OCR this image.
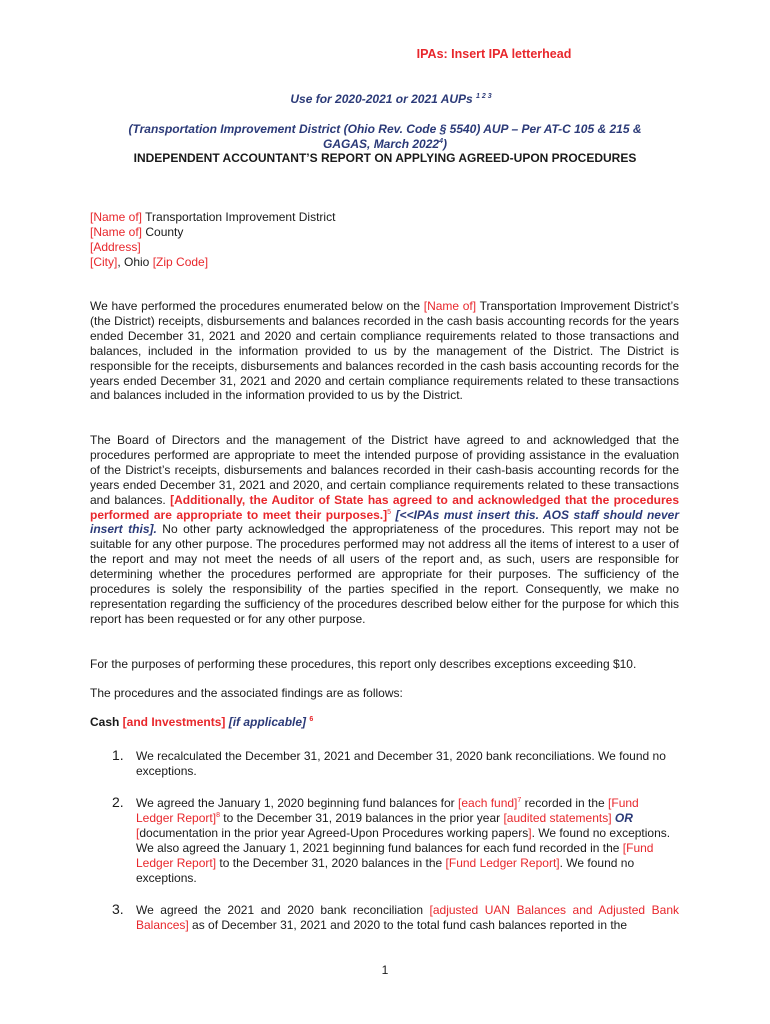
IPAs: Insert IPA letterhead
Use for 2020-2021 or 2021 AUPs $^{1 2 3}$
(Transportation Improvement District (Ohio Rev. Code § 5540) AUP – Per AT-C 105 & 215 &
GAGAS, March 2022$^4$)
INDEPENDENT ACCOUNTANT’S REPORT ON APPLYING AGREED-UPON PROCEDURES
[Name of] Transportation Improvement District
[Name of] County
[Address]
[City], Ohio [Zip Code]
We have performed the procedures enumerated below on the [Name of] Transportation Improvement District’s (the District) receipts, disbursements and balances recorded in the cash basis accounting records for the years ended December 31, 2021 and 2020 and certain compliance requirements related to those transactions and balances, included in the information provided to us by the management of the District. The District is responsible for the receipts, disbursements and balances recorded in the cash basis accounting records for the years ended December 31, 2021 and 2020 and certain compliance requirements related to these transactions and balances included in the information provided to us by the District.
The Board of Directors and the management of the District have agreed to and acknowledged that the procedures performed are appropriate to meet the intended purpose of providing assistance in the evaluation of the District’s receipts, disbursements and balances recorded in their cash-basis accounting records for the years ended December 31, 2021 and 2020, and certain compliance requirements related to these transactions and balances. [Additionally, the Auditor of State has agreed to and acknowledged that the procedures performed are appropriate to meet their purposes.]$^5$ [<<IPAs must insert this. AOS staff should never insert this]. No other party acknowledged the appropriateness of the procedures. This report may not be suitable for any other purpose. The procedures performed may not address all the items of interest to a user of the report and may not meet the needs of all users of the report and, as such, users are responsible for determining whether the procedures performed are appropriate for their purposes. The sufficiency of the procedures is solely the responsibility of the parties specified in the report. Consequently, we make no representation regarding the sufficiency of the procedures described below either for the purpose for which this report has been requested or for any other purpose.
For the purposes of performing these procedures, this report only describes exceptions exceeding $10.
The procedures and the associated findings are as follows:
Cash [and Investments] [if applicable] $^6$
1. We recalculated the December 31, 2021 and December 31, 2020 bank reconciliations. We found no exceptions.
2. We agreed the January 1, 2020 beginning fund balances for [each fund]$^7$ recorded in the [Fund Ledger Report]$^8$ to the December 31, 2019 balances in the prior year [audited statements] OR [documentation in the prior year Agreed-Upon Procedures working papers]. We found no exceptions. We also agreed the January 1, 2021 beginning fund balances for each fund recorded in the [Fund Ledger Report] to the December 31, 2020 balances in the [Fund Ledger Report]. We found no exceptions.
3. We agreed the 2021 and 2020 bank reconciliation [adjusted UAN Balances and Adjusted Bank Balances] as of December 31, 2021 and 2020 to the total fund cash balances reported in the
1
